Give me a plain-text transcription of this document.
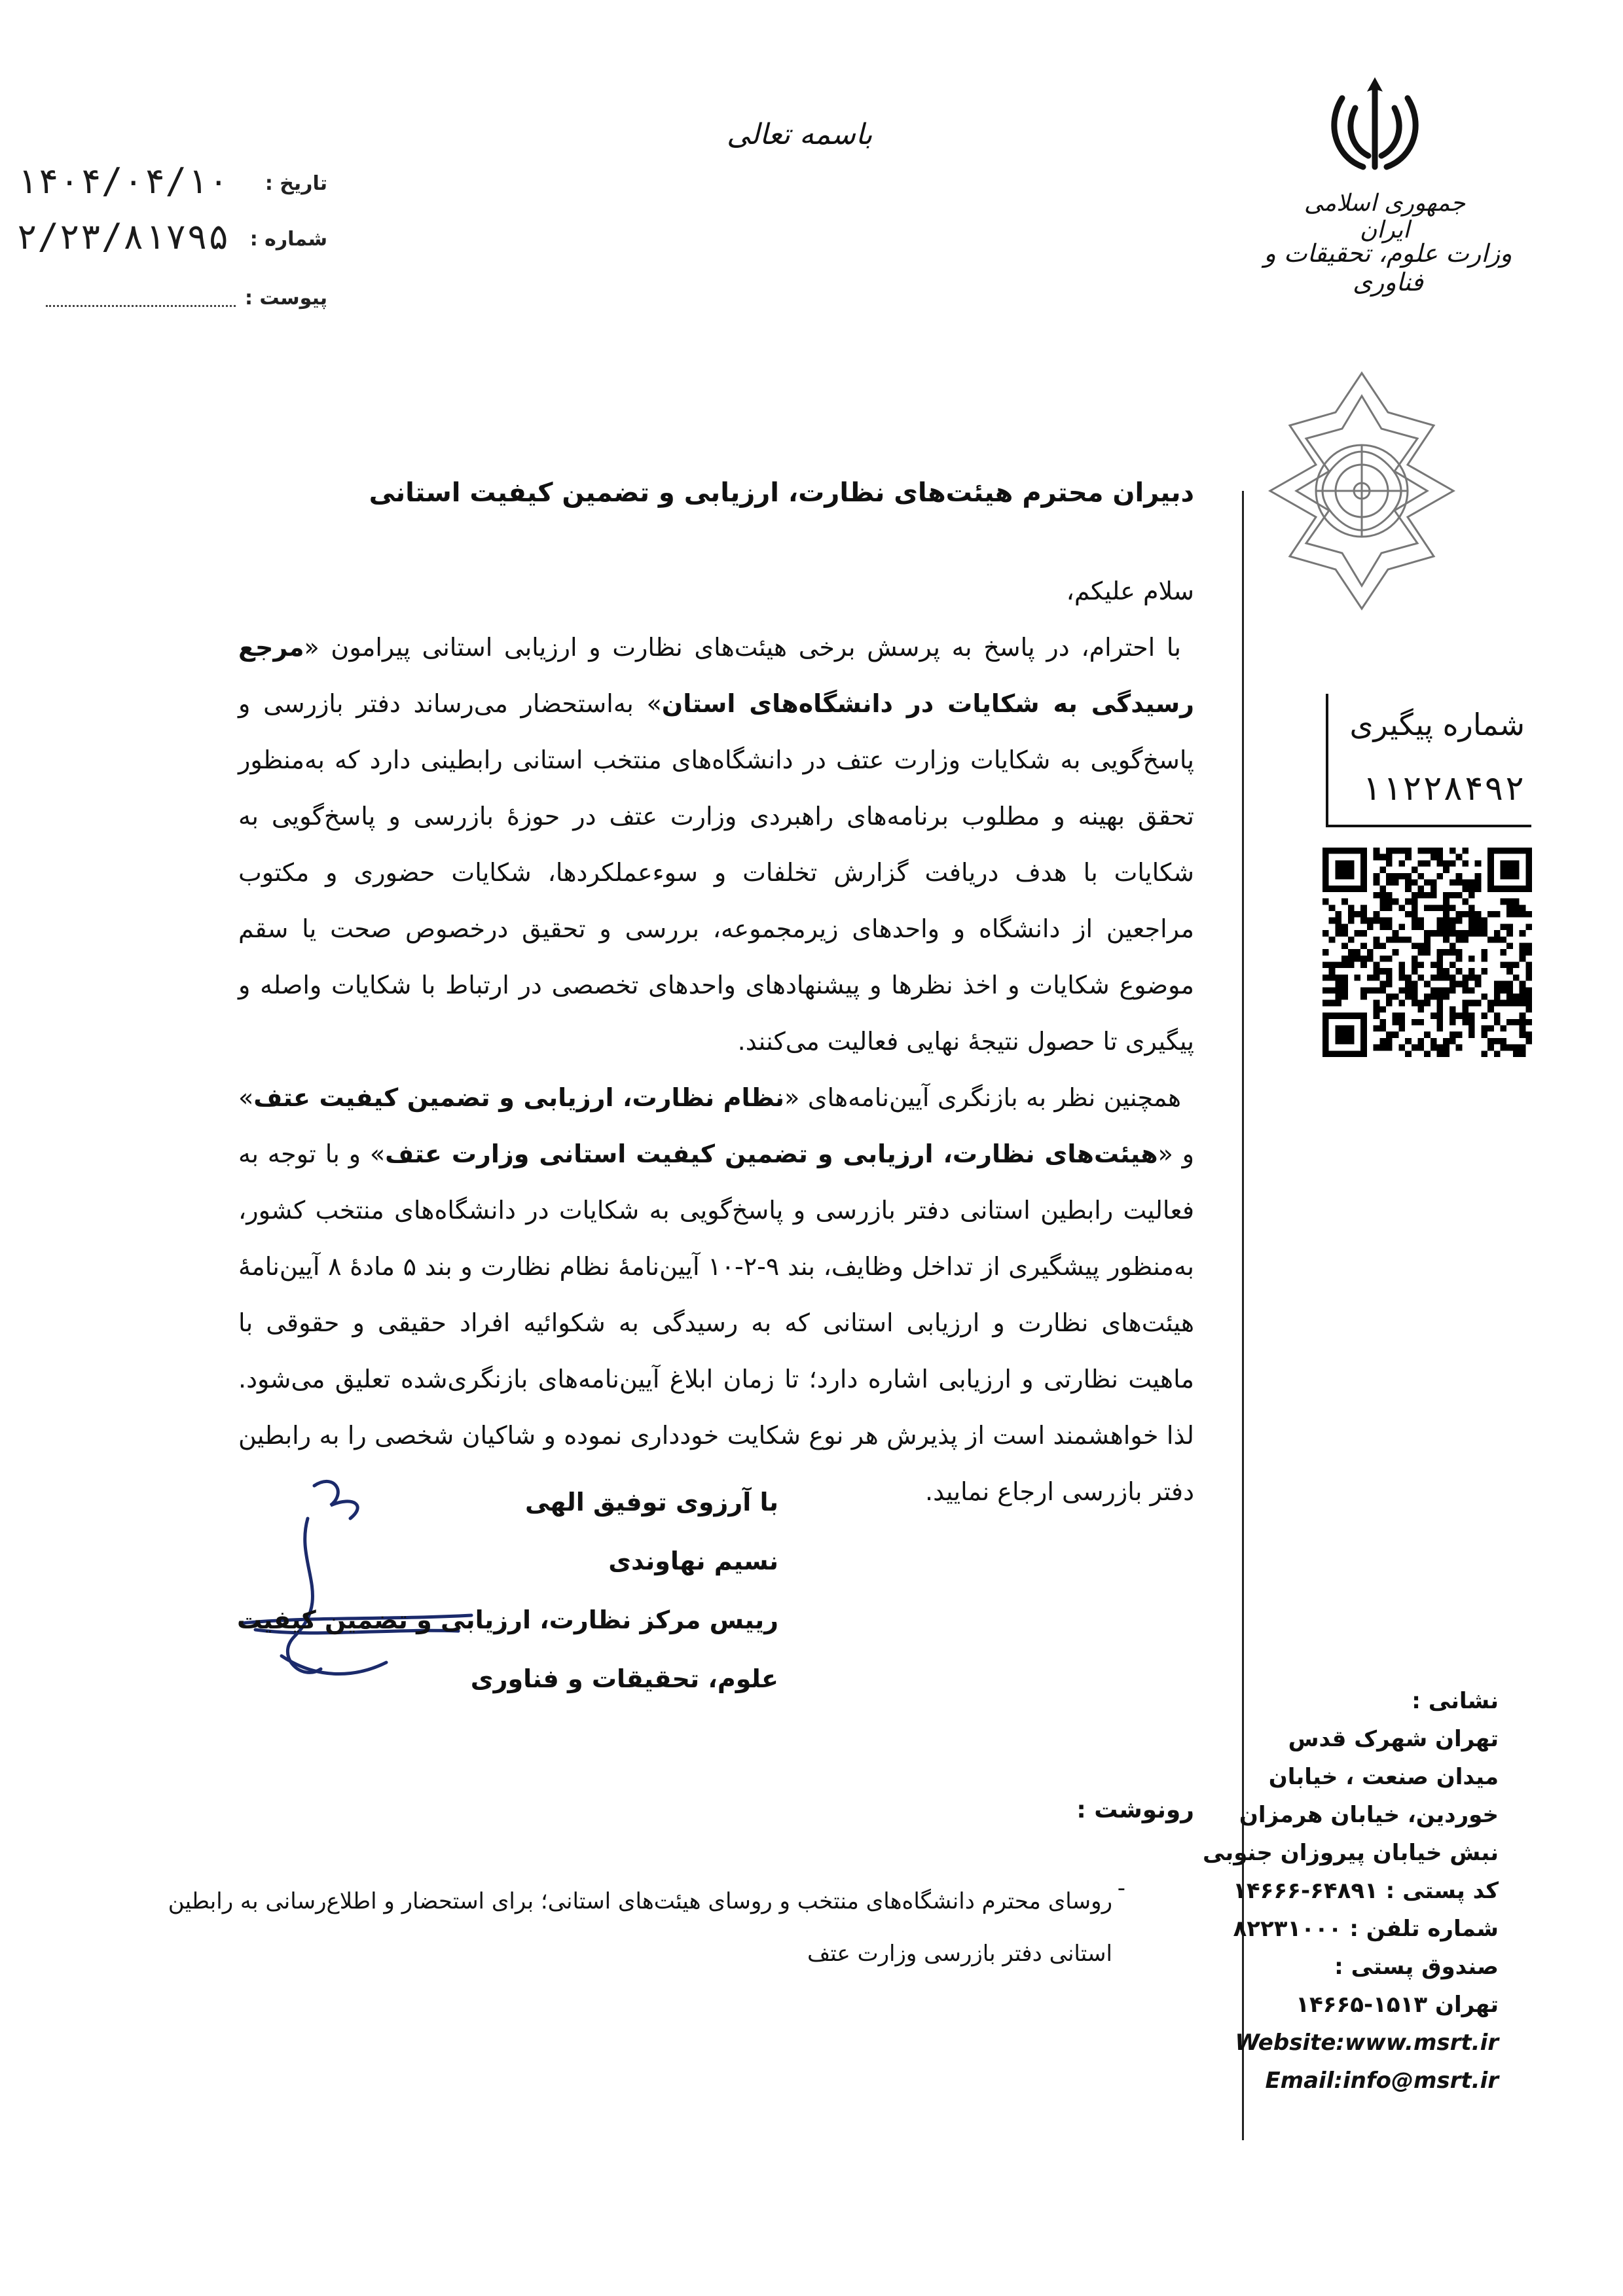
تاریخ :
۱۴۰۴/۰۴/۱۰
شماره :
۲/۲۳/۸۱۷۹۵
پیوست :
باسمه تعالی
جمهوری اسلامی ایران
وزارت علوم، تحقیقات و فناوری
شماره پیگیری
۱۱۲۲۸۴۹۲
دبیران محترم هیئت‌های نظارت، ارزیابی و تضمین کیفیت استانی

سلام علیکم،

با احترام، در پاسخ به پرسش برخی هیئت‌های نظارت و ارزیابی استانی پیرامون «مرجع رسیدگی به شکایات در دانشگاه‌های استان» به‌استحضار می‌رساند دفتر بازرسی و پاسخ‌گویی به شکایات وزارت عتف در دانشگاه‌های منتخب استانی رابطینی دارد که به‌منظور تحقق بهینه و مطلوب برنامه‌های راهبردی وزارت عتف در حوزهٔ بازرسی و پاسخ‌گویی به شکایات با هدف دریافت گزارش تخلفات و سوءعملکردها، شکایات حضوری و مکتوب مراجعین از دانشگاه و واحدهای زیرمجموعه، بررسی و تحقیق درخصوص صحت یا سقم موضوع شکایات و اخذ نظرها و پیشنهادهای واحدهای تخصصی در ارتباط با شکایات واصله و پیگیری تا حصول نتیجهٔ نهایی فعالیت می‌کنند.

همچنین نظر به بازنگری آیین‌نامه‌های «نظام نظارت، ارزیابی و تضمین کیفیت عتف» و «هیئت‌های نظارت، ارزیابی و تضمین کیفیت استانی وزارت عتف» و با توجه به فعالیت رابطین استانی دفتر بازرسی و پاسخ‌گویی به شکایات در دانشگاه‌های منتخب کشور، به‌منظور پیشگیری از تداخل وظایف، بند ۹-۲-۱۰ آیین‌نامهٔ نظام نظارت و بند ۵ مادهٔ ۸ آیین‌نامهٔ هیئت‌های نظارت و ارزیابی استانی که به رسیدگی به شکوائیه افراد حقیقی و حقوقی با ماهیت نظارتی و ارزیابی اشاره دارد؛ تا زمان ابلاغ آیین‌نامه‌های بازنگری‌شده تعلیق می‌شود. لذا خواهشمند است از پذیرش هر نوع شکایت خودداری نموده و شاکیان شخصی را به رابطین دفتر بازرسی ارجاع نمایید.

با آرزوی توفیق الهی
نسیم نهاوندی
رییس مرکز نظارت، ارزیابی و تضمین کیفیت
علوم، تحقیقات و فناوری
رونوشت :
-
روسای محترم دانشگاه‌های منتخب و روسای هیئت‌های استانی؛ برای استحضار و اطلاع‌رسانی به رابطین استانی دفتر بازرسی وزارت عتف
نشانی :
تهران شهرک قدس
میدان صنعت ، خیابان
خوردین، خیابان هرمزان
نبش خیابان پیروزان جنوبی
کد پستی : ۶۴۸۹۱-۱۴۶۶۶
شماره تلفن : ۸۲۲۳۱۰۰۰
صندوق پستی :
تهران ۱۵۱۳-۱۴۶۶۵
Website:www.msrt.ir
Email:info@msrt.ir
